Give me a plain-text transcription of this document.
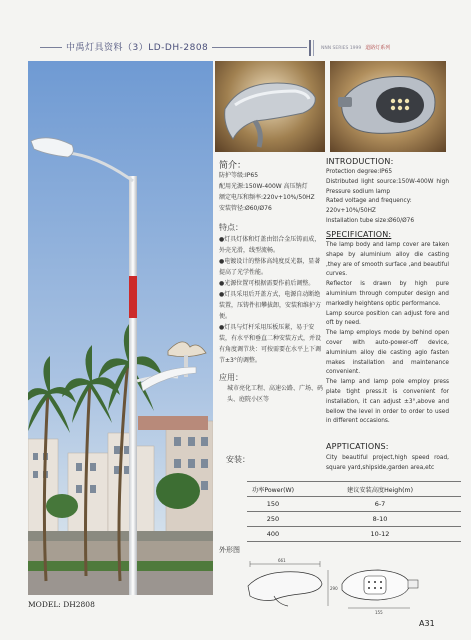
中禹灯具资料（3）LD-DH-2808	NNN SERIES 1999 道路灯系列
简介：
防护等级:IP65
配用光源:150W-400W 高压钠灯
额定电压和频率:220v+10%/50HZ
安装管径:Ø60/Ø76
特点：
●灯具灯体和灯盖由铝合金压铸而成，外壳光滑，线型流畅。
●电镀设计的整体高纯度反光器，显著提高了光学性能。
●光源位置可根据需要作前后调整。
●灯具采用后开盖方式，电源自动断绝装置，压铸件扣攀拔卸，安装和维护方便。
●灯具与灯杆采用压板压紧，易于安装，有水平和垂直二种安装方式，并设有角度调节块：可按需要在水平上下调节±3°的调整。
应用：
城市亮化工程、高速公路、广场、码头、庭院小区等
安装：
INTRODUCTION:
Protection degree:IP65
Distributed light source:150W-400W high Pressure sodium lamp
Rated voltage and frequency:
220v+10%/50HZ
Installation tube size:Ø60/Ø76
SPECIFICATION:
The lamp body and lamp cover are taken shape by aluminium alloy die casting ,they are of smooth surface ,and beautiful curves.
Reflector is drawn by high pure aluminium through computer design and markedly heightens optic performance.
Lamp source position can adjust fore and oft by need.
The lamp employs mode by behind open cover with auto-power-off device, aluminium alloy die casting agio fasten makes installation and maintenance convenient.
The lamp and lamp pole employ press plate tight press.It is convenient for installation, it can adjust ±3°,above and bellow the level in order to order to used in different occasions.
APPTICATIONS:
City beautiful project,high speed road, square yard,shipside,garden area,etc
功率Power(W)	建议安装高度Heigh(m)
150	6-7
250	8-10
400	10-12
外形图
661
290
155
MODEL: DH2808
A31
